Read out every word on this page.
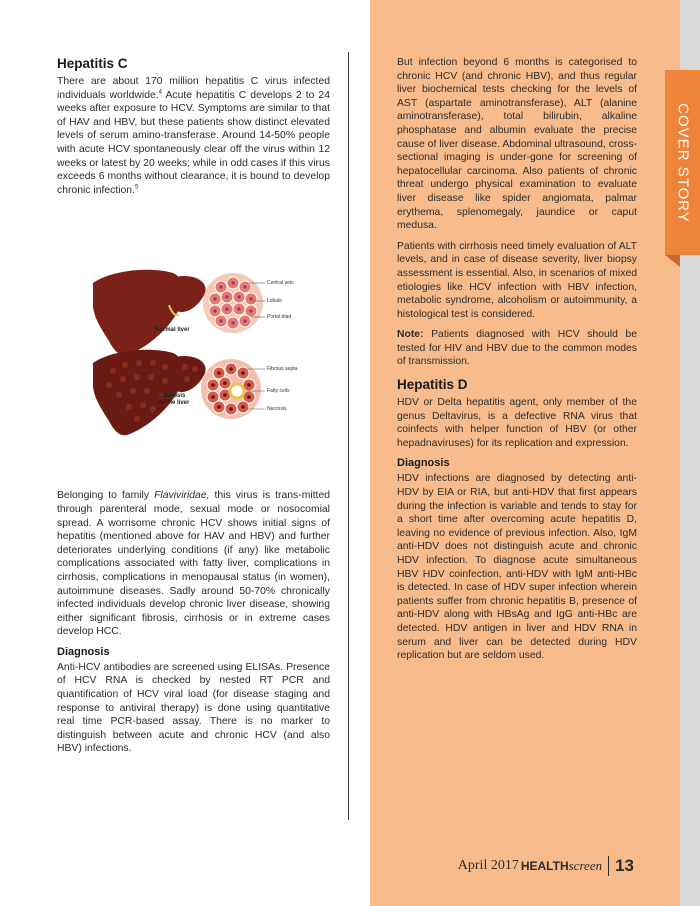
COVER STORY
Hepatitis C

There are about 170 million hepatitis C virus infected individuals worldwide.$^4$ Acute hepatitis C develops 2 to 24 weeks after exposure to HCV. Symptoms are similar to that of HAV and HBV, but these patients show distinct elevated levels of serum amino-transferase. Around 14-50% people with acute HCV spontaneously clear off the virus within 12 weeks or latest by 20 weeks; while in odd cases if this virus exceeds 6 months without clearance, it is bound to develop chronic infection.$^5$

Central vein
Lobule
Portal triad
Fibrous septa
Fatty cells
Necrosis
Normal liver
Cirrhosis
of the liver

Belonging to family Flaviviridae, this virus is trans-mitted through parenteral mode, sexual mode or nosocomial spread. A worrisome chronic HCV shows initial signs of hepatitis (mentioned above for HAV and HBV) and further deteriorates underlying conditions (if any) like metabolic complications associated with fatty liver, complications in cirrhosis, complications in menopausal status (in women), autoimmune diseases. Sadly around 50-70% chronically infected individuals develop chronic liver disease, showing either significant fibrosis, cirrhosis or in extreme cases develop HCC.

Diagnosis

Anti-HCV antibodies are screened using ELISAs. Presence of HCV RNA is checked by nested RT PCR and quantification of HCV viral load (for disease staging and response to antiviral therapy) is done using quantitative real time PCR-based assay. There is no marker to distinguish between acute and chronic HCV (and also HBV) infections.

But infection beyond 6 months is categorised to chronic HCV (and chronic HBV), and thus regular liver biochemical tests checking for the levels of AST (aspartate aminotransferase), ALT (alanine aminotransferase), total bilirubin, alkaline phosphatase and albumin evaluate the precise cause of liver disease. Abdominal ultrasound, cross-sectional imaging is under-gone for screening of hepatocellular carcinoma. Also patients of chronic threat undergo physical examination to evaluate liver disease like spider angiomata, palmar erythema, splenomegaly, jaundice or caput medusa.

Patients with cirrhosis need timely evaluation of ALT levels, and in case of disease severity, liver biopsy assessment is essential. Also, in scenarios of mixed etiologies like HCV infection with HBV infection, metabolic syndrome, alcoholism or autoimmunity, a histological test is considered.

Note: Patients diagnosed with HCV should be tested for HIV and HBV due to the common modes of transmission.

Hepatitis D

HDV or Delta hepatitis agent, only member of the genus Deltavirus, is a defective RNA virus that coinfects with helper function of HBV (or other hepadnaviruses) for its replication and expression.

Diagnosis

HDV infections are diagnosed by detecting anti-HDV by EIA or RIA, but anti-HDV that first appears during the infection is variable and tends to stay for a short time after overcoming acute hepatitis D, leaving no evidence of previous infection. Also, IgM anti-HDV does not distinguish acute and chronic HDV infection. To diagnose acute simultaneous HBV HDV coinfection, anti-HDV with IgM anti-HBc is detected. In case of HDV super infection wherein patients suffer from chronic hepatitis B, presence of anti-HDV along with HBsAg and IgG anti-HBc are detected. HDV antigen in liver and HDV RNA in serum and liver can be detected during HDV replication but are seldom used.

April 2017 HEALTH screen 13
